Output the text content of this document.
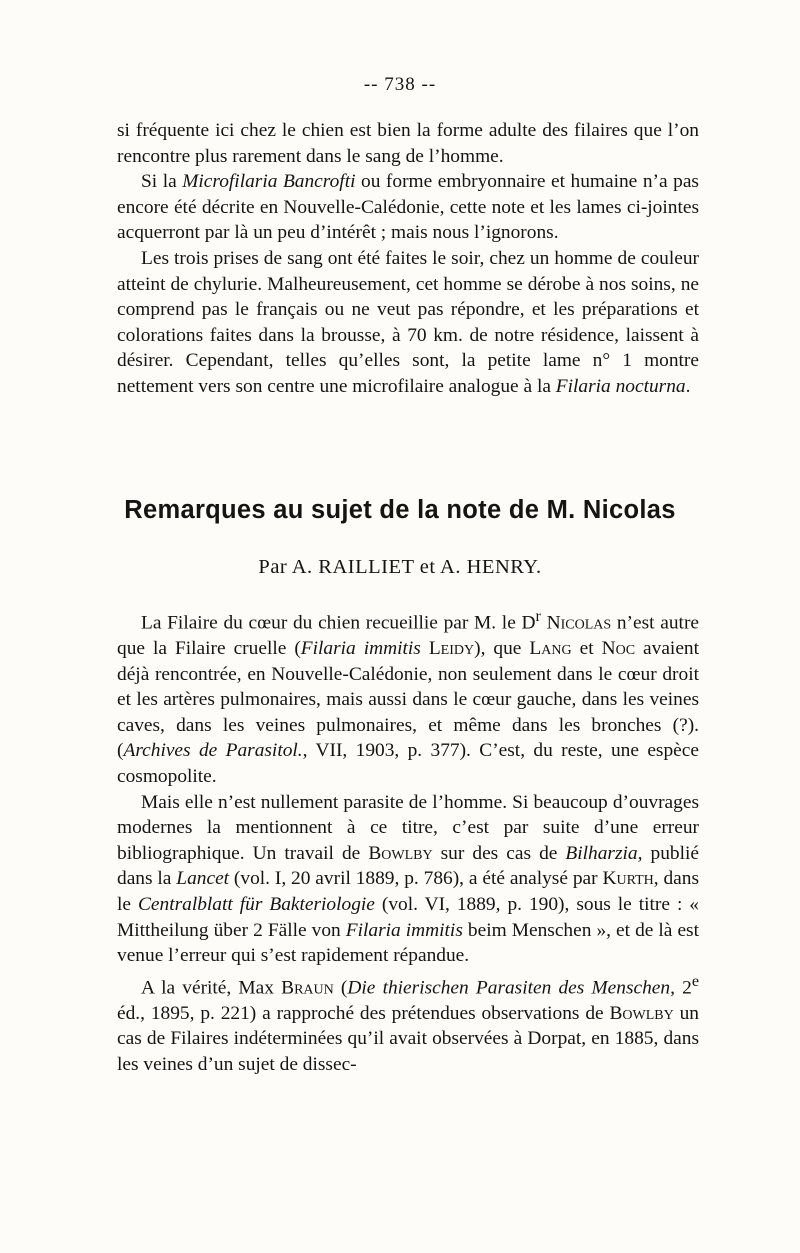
-- 738 --

si fréquente ici chez le chien est bien la forme adulte des filaires que l’on rencontre plus rarement dans le sang de l’homme.

Si la Microfilaria Bancrofti ou forme embryonnaire et humaine n’a pas encore été décrite en Nouvelle-Calédonie, cette note et les lames ci-jointes acquerront par là un peu d’intérêt ; mais nous l’ignorons.

Les trois prises de sang ont été faites le soir, chez un homme de couleur atteint de chylurie. Malheureusement, cet homme se dérobe à nos soins, ne comprend pas le français ou ne veut pas répondre, et les préparations et colorations faites dans la brousse, à 70 km. de notre résidence, laissent à désirer. Cependant, telles qu’elles sont, la petite lame n° 1 montre nettement vers son centre une microfilaire analogue à la Filaria nocturna.

Remarques au sujet de la note de M. Nicolas
Par A. RAILLIET et A. HENRY.

La Filaire du cœur du chien recueillie par M. le $D^r$ Nicolas n’est autre que la Filaire cruelle (Filaria immitis Leidy), que Lang et Noc avaient déjà rencontrée, en Nouvelle-Calédonie, non seulement dans le cœur droit et les artères pulmonaires, mais aussi dans le cœur gauche, dans les veines caves, dans les veines pulmonaires, et même dans les bronches (?). (Archives de Parasitol., VII, 1903, p. 377). C’est, du reste, une espèce cosmopolite.

Mais elle n’est nullement parasite de l’homme. Si beaucoup d’ouvrages modernes la mentionnent à ce titre, c’est par suite d’une erreur bibliographique. Un travail de Bowlby sur des cas de Bilharzia, publié dans la Lancet (vol. I, 20 avril 1889, p. 786), a été analysé par Kurth, dans le Centralblatt für Bakteriologie (vol. VI, 1889, p. 190), sous le titre : « Mittheilung über 2 Fälle von Filaria immitis beim Menschen », et de là est venue l’erreur qui s’est rapidement répandue.

A la vérité, Max Braun (Die thierischen Parasiten des Menschen, 2e éd., 1895, p. 221) a rapproché des prétendues observations de Bowlby un cas de Filaires indéterminées qu’il avait observées à Dorpat, en 1885, dans les veines d’un sujet de dissec-
